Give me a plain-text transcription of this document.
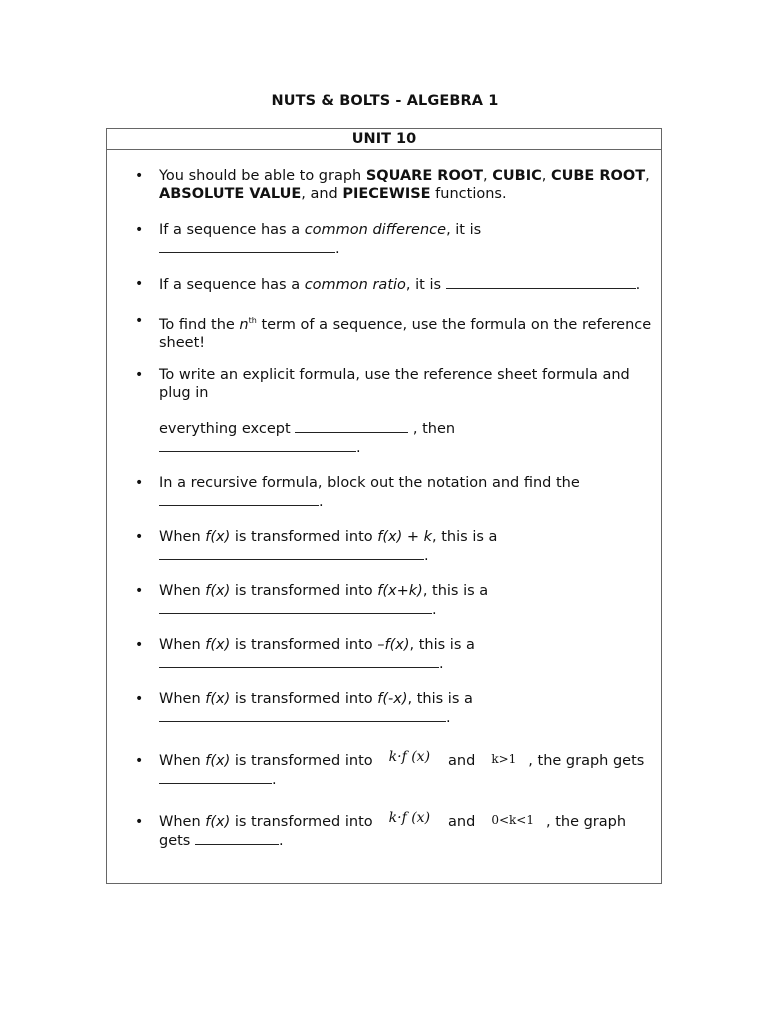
NUTS & BOLTS - ALGEBRA 1
UNIT 10
• You should be able to graph SQUARE ROOT, CUBIC, CUBE ROOT, ABSOLUTE VALUE, and PIECEWISE functions.
• If a sequence has a common difference, it is
.
• If a sequence has a common ratio, it is	.
• To find the $n^{th}$ term of a sequence, use the formula on the reference sheet!
• To write an explicit formula, use the reference sheet formula and plug in

everything except	, then
.
• In a recursive formula, block out the notation and find the
.
• When f(x) is transformed into f(x) + k, this is a
.
• When f(x) is transformed into f(x+k), this is a
.
• When f(x) is transformed into –f(x), this is a
.
• When f(x) is transformed into f(-x), this is a
.
• When f(x) is transformed into k·f (x) and k>1 , the graph gets
.
• When f(x) is transformed into k·f (x) and 0<k<1 , the graph
gets	.
